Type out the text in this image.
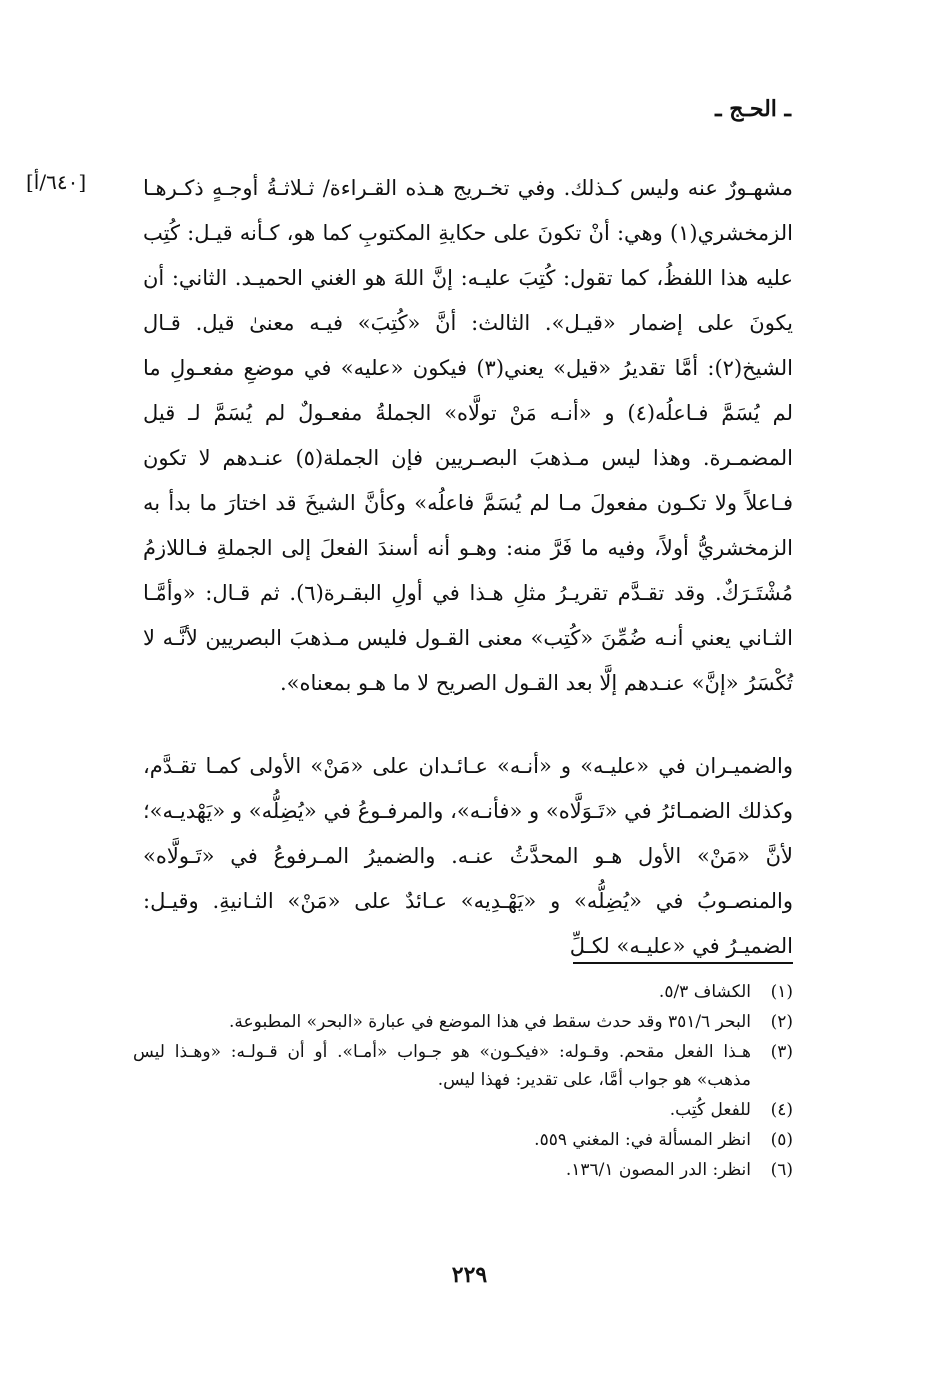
ـ الحـج ـ
[٦٤٠/أ]	مشهـورٌ عنه وليس كـذلك. وفي تخـريج هـذه القـراءة/ ثـلاثـةُ أوجـهٍ ذكـرهـا الزمخشري(١) وهي: أنْ تكونَ على حكايةِ المكتوبِ كما هو، كـأنه قيـل: كُتِب عليه هذا اللفظُ، كما تقول: كُتِبَ عليـه: إنَّ اللهَ هو الغني الحميـد. الثاني: أن يكونَ على إضمار «قيـل». الثالث: أنَّ «كُتِبَ» فيـه معنىٰ قيل. قـال الشيخ(٢): أمَّا تقديرُ «قيل» يعني(٣) فيكون «عليه» في موضعِ مفعـولِ ما لم يُسَمَّ فـاعلُه(٤) و «أنـه مَنْ تولَّاه» الجملةُ مفعـولٌ لم يُسَمَّ لـ قيل المضمـرة. وهذا ليس مـذهبَ البصـريين فإن الجملة(٥) عنـدهم لا تكون فـاعلاً ولا تكـون مفعولَ مـا لم يُسَمَّ فاعلُه» وكأنَّ الشيخَ قد اختارَ ما بدأ به الزمخشريُّ أولاً، وفيه ما فَرَّ منه: وهـو أنه أسندَ الفعلَ إلى الجملةِ فـاللازمُ مُشْتَـرَكٌ. وقد تقـدَّم تقريـرُ مثلِ هـذا في أولِ البقـرة(٦). ثم قـال: «وأمَّـا الثـاني يعني أنـه ضُمِّنَ «كُتِب» معنى القـول فليس مـذهبَ البصريين لأنَّـه لا تُكْسَرُ «إنَّ» عنـدهم إلَّا بعد القـول الصريح لا ما هـو بمعناه».

والضميـران في «عليـه» و «أنـه» عـائـدان على «مَنْ» الأولى كمـا تقـدَّم، وكذلك الضمـائرُ في «تَـوَلَّاه» و «فأنـه»، والمرفـوعُ في «يُضِلُّه» و «يَهْديـه»؛ لأنَّ «مَنْ» الأول هـو المحدَّثُ عنـه. والضميرُ المـرفوعُ في «تَـولَّاه» والمنصـوبُ في «يُضِلُّه» و «يَهْـدِيه» عـائدٌ على «مَنْ» الثـانيةِ. وقيـل: الضميـرُ في «عليـه» لكـلِّ

(١)
الكشاف ٥/٣.
(٢)
البحر ٣٥١/٦ وقد حدث سقط في هذا الموضع في عبارة «البحر» المطبوعة.
(٣)
هـذا الفعل مقحم. وقـوله: «فيكـون» هو جـواب «أمـا». أو أن قـولـه: «وهـذا ليس مذهب» هو جواب أمَّا، على تقدير: فهذا ليس.
(٤)
للفعل كُتِب.
(٥)
انظر المسألة في: المغني ٥٥٩.
(٦)
انظر: الدر المصون ١٣٦/١.
٢٢٩
